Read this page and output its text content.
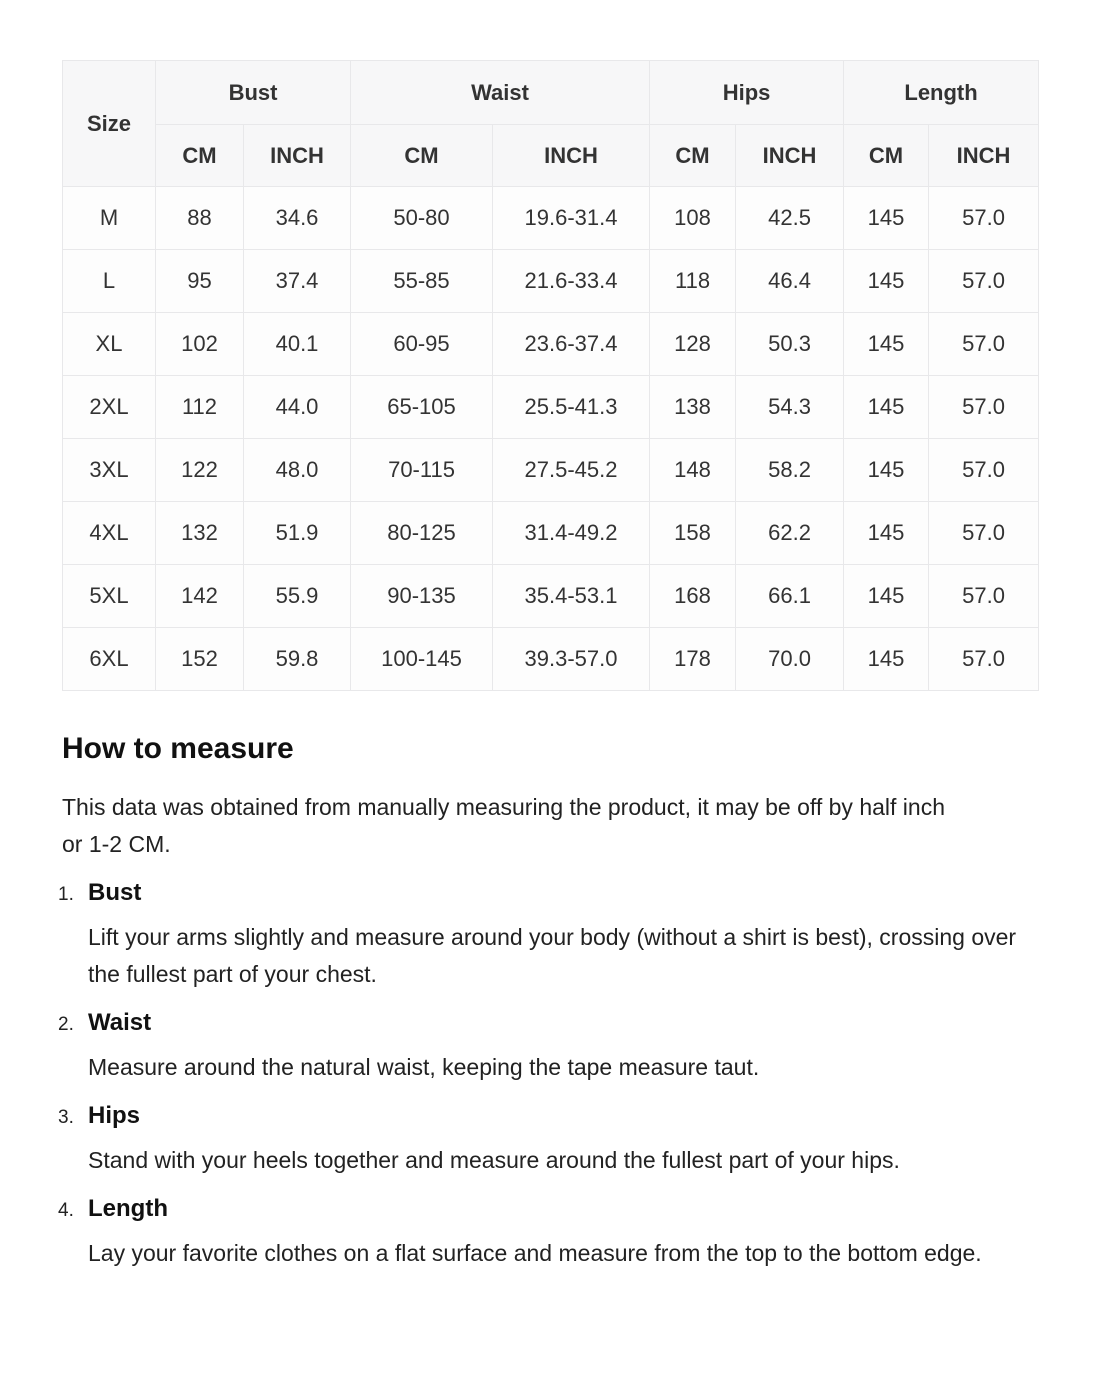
Size	Bust		Waist		Hips		Length	
	CM	INCH	CM	INCH	CM	INCH	CM	INCH
M	88	34.6	50-80	19.6-31.4	108	42.5	145	57.0
L	95	37.4	55-85	21.6-33.4	118	46.4	145	57.0
XL	102	40.1	60-95	23.6-37.4	128	50.3	145	57.0
2XL	112	44.0	65-105	25.5-41.3	138	54.3	145	57.0
3XL	122	48.0	70-115	27.5-45.2	148	58.2	145	57.0
4XL	132	51.9	80-125	31.4-49.2	158	62.2	145	57.0
5XL	142	55.9	90-135	35.4-53.1	168	66.1	145	57.0
6XL	152	59.8	100-145	39.3-57.0	178	70.0	145	57.0
How to measure

This data was obtained from manually measuring the product, it may be off by half inch or 1-2 CM.

1. Bust

Lift your arms slightly and measure around your body (without a shirt is best), crossing over the fullest part of your chest.

2. Waist

Measure around the natural waist, keeping the tape measure taut.

3. Hips

Stand with your heels together and measure around the fullest part of your hips.

4. Length

Lay your favorite clothes on a flat surface and measure from the top to the bottom edge.
